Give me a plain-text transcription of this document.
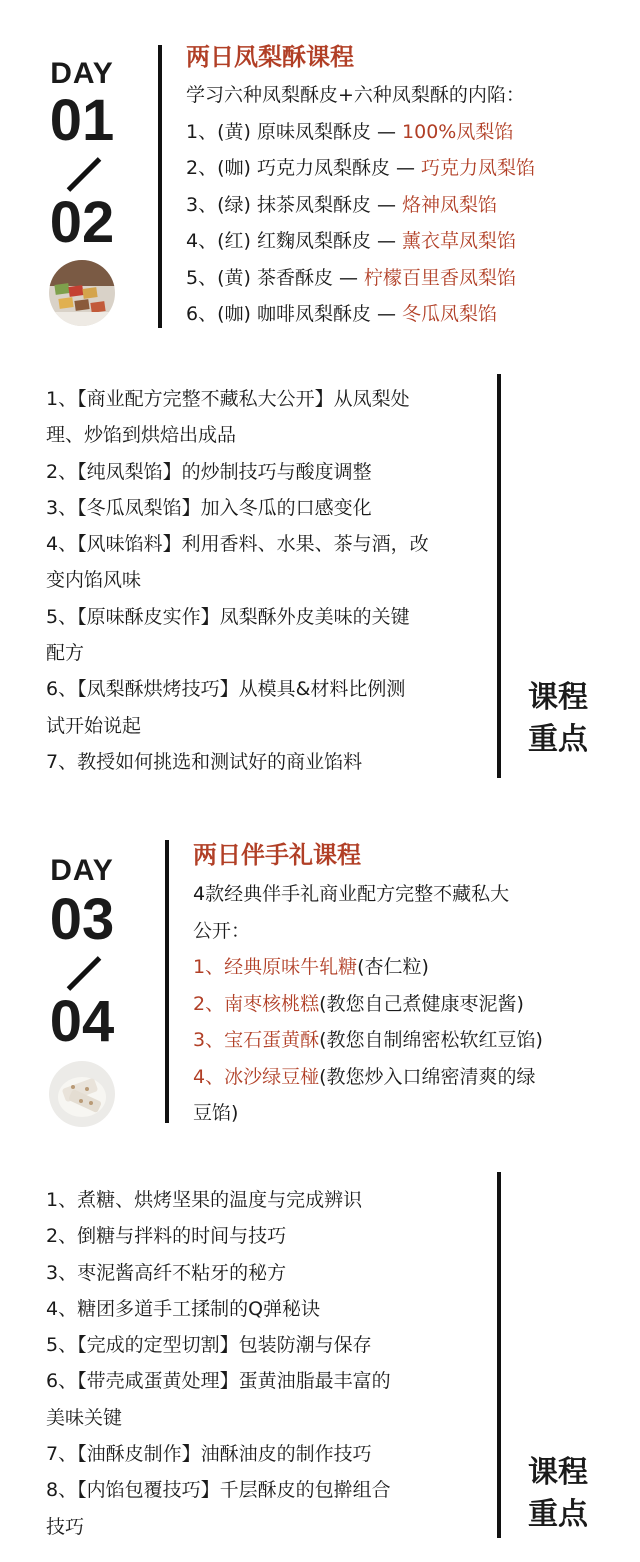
DAY
01
02
两日凤梨酥课程
学习六种凤梨酥皮+六种凤梨酥的内陷：
1、(黄) 原味凤梨酥皮 — 100%凤梨馅
2、(咖) 巧克力凤梨酥皮 — 巧克力凤梨馅
3、(绿) 抹茶凤梨酥皮 — 烙神凤梨馅
4、(红) 红麴凤梨酥皮 — 薰衣草凤梨馅
5、(黄) 茶香酥皮 — 柠檬百里香凤梨馅
6、(咖) 咖啡凤梨酥皮 — 冬瓜凤梨馅
1、【商业配方完整不藏私大公开】从凤梨处
理、炒馅到烘焙出成品
2、【纯凤梨馅】的炒制技巧与酸度调整
3、【冬瓜凤梨馅】加入冬瓜的口感变化
4、【风味馅料】利用香料、水果、茶与酒，改
变内馅风味
5、【原味酥皮实作】凤梨酥外皮美味的关键
配方
6、【凤梨酥烘烤技巧】从模具&材料比例测
试开始说起
7、教授如何挑选和测试好的商业馅料
课程
重点
DAY
03
04
两日伴手礼课程
4款经典伴手礼商业配方完整不藏私大
公开：
1、经典原味牛轧糖(杏仁粒)
2、南枣核桃糕(教您自己煮健康枣泥酱)
3、宝石蛋黄酥(教您自制绵密松软红豆馅)
4、冰沙绿豆椪(教您炒入口绵密清爽的绿
豆馅)
1、煮糖、烘烤坚果的温度与完成辨识
2、倒糖与拌料的时间与技巧
3、枣泥酱高纤不粘牙的秘方
4、糖团多道手工揉制的Q弹秘诀
5、【完成的定型切割】包装防潮与保存
6、【带壳咸蛋黄处理】蛋黄油脂最丰富的
美味关键
7、【油酥皮制作】油酥油皮的制作技巧
8、【内馅包覆技巧】千层酥皮的包擀组合
技巧
课程
重点
